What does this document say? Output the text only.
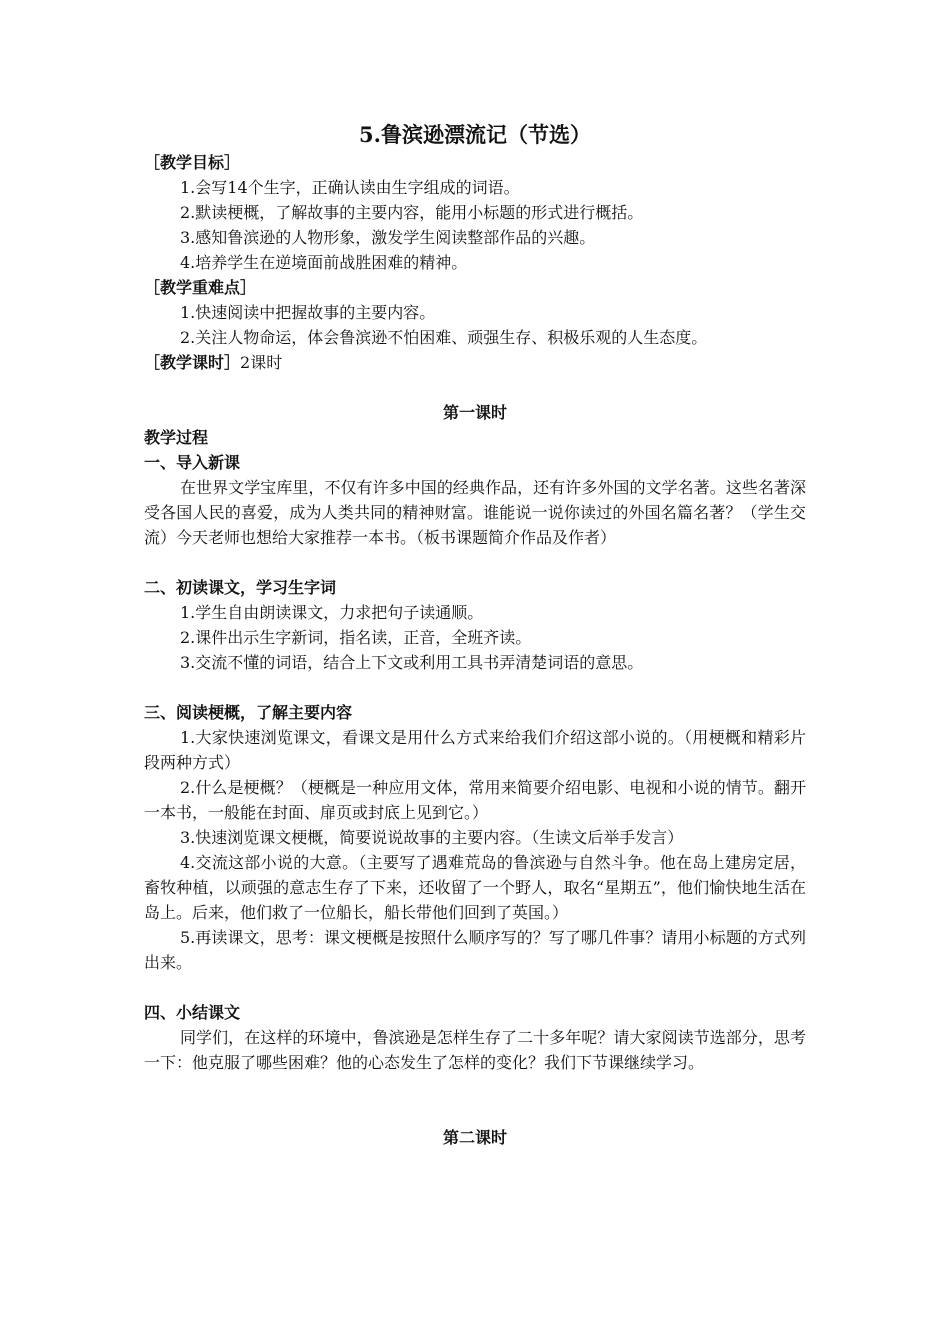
5.鲁滨逊漂流记（节选）
［教学目标］
1.会写14个生字，正确认读由生字组成的词语。
2.默读梗概，了解故事的主要内容，能用小标题的形式进行概括。
3.感知鲁滨逊的人物形象，激发学生阅读整部作品的兴趣。
4.培养学生在逆境面前战胜困难的精神。
［教学重难点］
1.快速阅读中把握故事的主要内容。
2.关注人物命运，体会鲁滨逊不怕困难、顽强生存、积极乐观的人生态度。
［教学课时］2课时
第一课时
教学过程
一、导入新课
在世界文学宝库里，不仅有许多中国的经典作品，还有许多外国的文学名著。这些名著深受各国人民的喜爱，成为人类共同的精神财富。谁能说一说你读过的外国名篇名著？（学生交流）今天老师也想给大家推荐一本书。（板书课题简介作品及作者）
二、初读课文，学习生字词
1.学生自由朗读课文，力求把句子读通顺。
2.课件出示生字新词，指名读，正音，全班齐读。
3.交流不懂的词语，结合上下文或利用工具书弄清楚词语的意思。
三、阅读梗概，了解主要内容
1.大家快速浏览课文，看课文是用什么方式来给我们介绍这部小说的。（用梗概和精彩片段两种方式）
2.什么是梗概？（梗概是一种应用文体，常用来简要介绍电影、电视和小说的情节。翻开一本书，一般能在封面、扉页或封底上见到它。）
3.快速浏览课文梗概，简要说说故事的主要内容。（生读文后举手发言）
4.交流这部小说的大意。（主要写了遇难荒岛的鲁滨逊与自然斗争。他在岛上建房定居，畜牧种植，以顽强的意志生存了下来，还收留了一个野人，取名“星期五”，他们愉快地生活在岛上。后来，他们救了一位船长，船长带他们回到了英国。）
5.再读课文，思考：课文梗概是按照什么顺序写的？写了哪几件事？请用小标题的方式列出来。
四、小结课文
同学们，在这样的环境中，鲁滨逊是怎样生存了二十多年呢？请大家阅读节选部分，思考一下：他克服了哪些困难？他的心态发生了怎样的变化？我们下节课继续学习。
第二课时
